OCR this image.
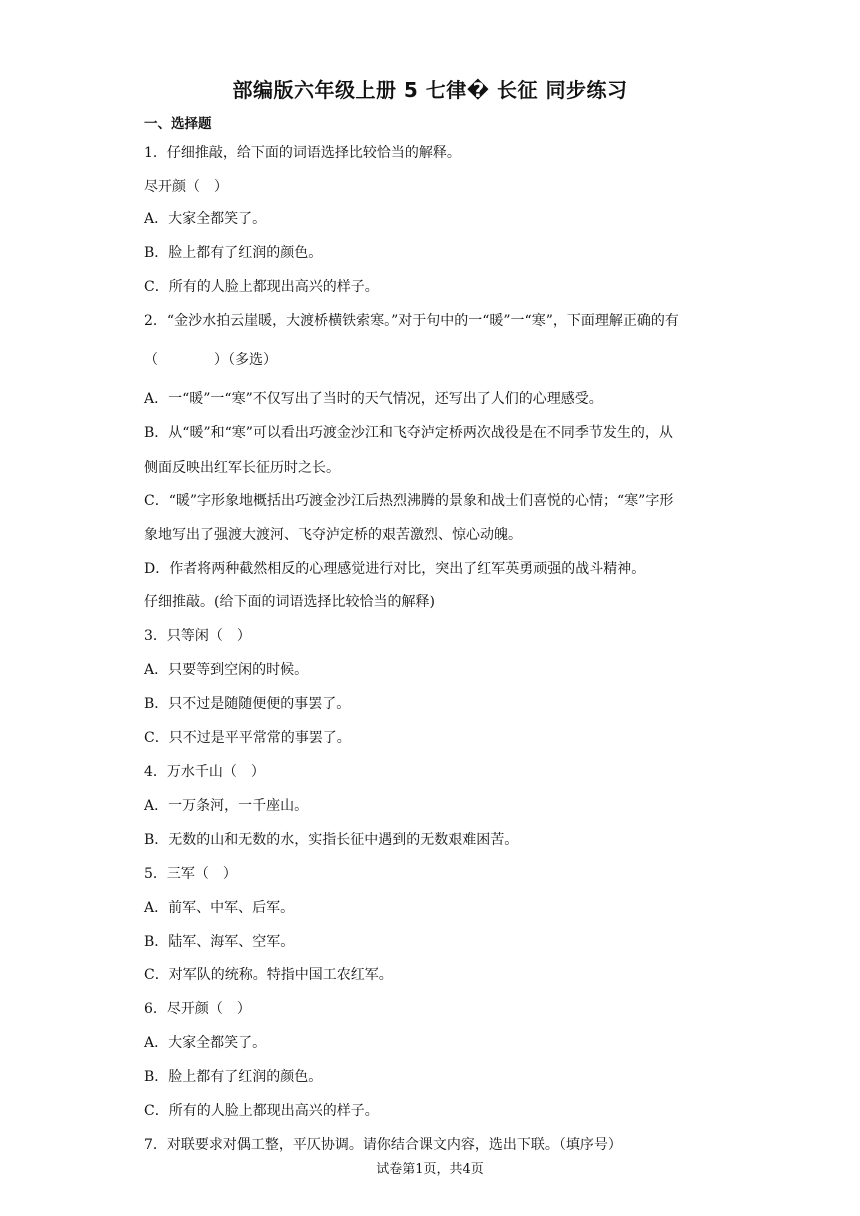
部编版六年级上册 5 七律� 长征 同步练习
一、选择题
1．仔细推敲，给下面的词语选择比较恰当的解释。
尽开颜（　）
A．大家全都笑了。
B．脸上都有了红润的颜色。
C．所有的人脸上都现出高兴的样子。
2．“金沙水拍云崖暖，大渡桥横铁索寒。”对于句中的一“暖”一“寒”，下面理解正确的有
（　　　　）（多选）
A．一“暖”一“寒”不仅写出了当时的天气情况，还写出了人们的心理感受。
B．从“暖”和“寒”可以看出巧渡金沙江和飞夺泸定桥两次战役是在不同季节发生的，从
侧面反映出红军长征历时之长。
C．“暖”字形象地概括出巧渡金沙江后热烈沸腾的景象和战士们喜悦的心情；“寒”字形
象地写出了强渡大渡河、飞夺泸定桥的艰苦激烈、惊心动魄。
D．作者将两种截然相反的心理感觉进行对比，突出了红军英勇顽强的战斗精神。
仔细推敲。(给下面的词语选择比较恰当的解释)
3．只等闲（　）
A．只要等到空闲的时候。
B．只不过是随随便便的事罢了。
C．只不过是平平常常的事罢了。
4．万水千山（　）
A．一万条河，一千座山。
B．无数的山和无数的水，实指长征中遇到的无数艰难困苦。
5．三军（　）
A．前军、中军、后军。
B．陆军、海军、空军。
C．对军队的统称。特指中国工农红军。
6．尽开颜（　）
A．大家全都笑了。
B．脸上都有了红润的颜色。
C．所有的人脸上都现出高兴的样子。
7．对联要求对偶工整，平仄协调。请你结合课文内容，选出下联。（填序号）
试卷第1页，共4页
